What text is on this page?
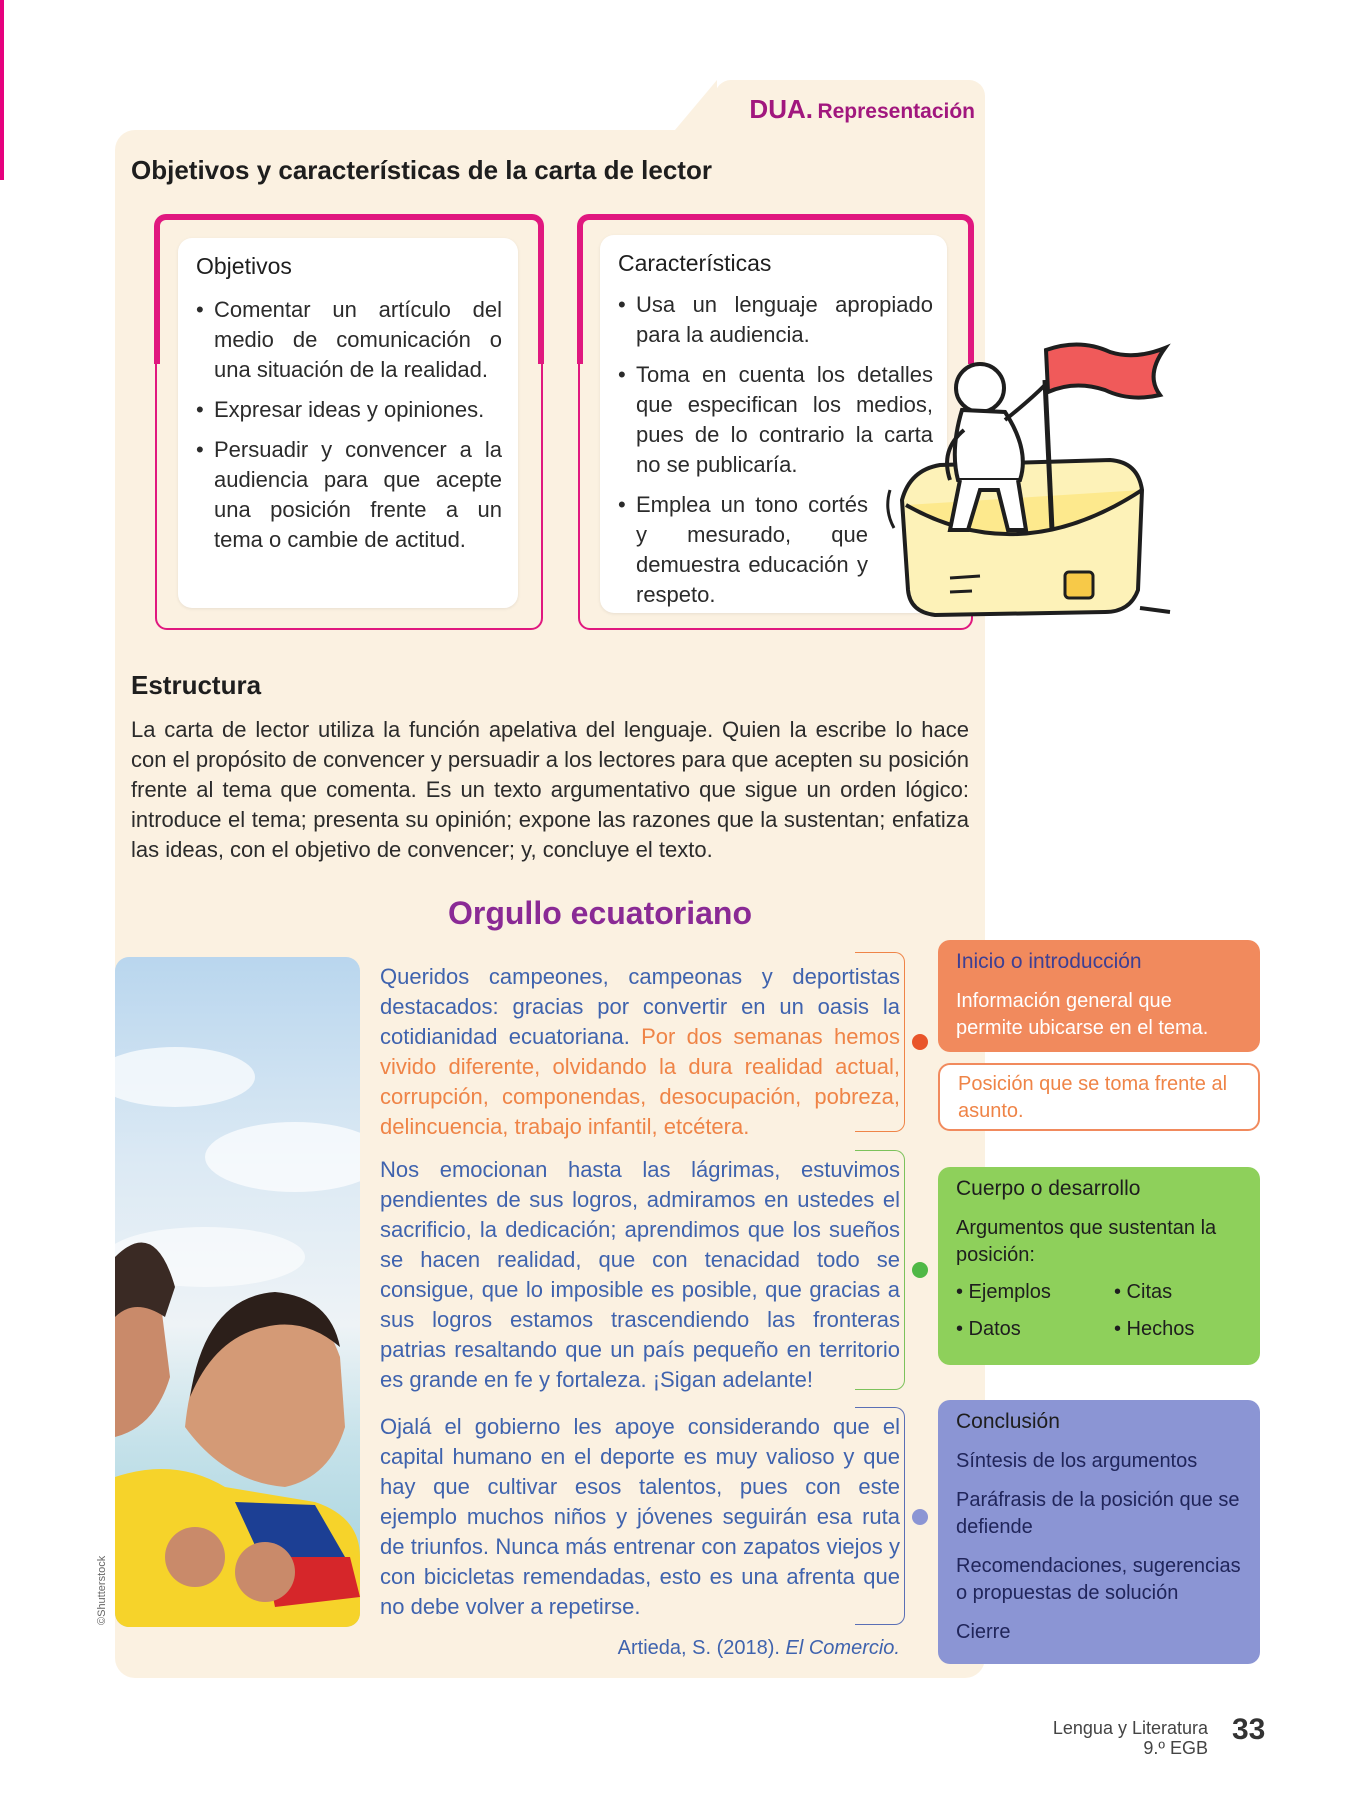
DUA. Representación
Objetivos y características de la carta de lector
Objetivos
• Comentar un artículo del medio de comunicación o una situación de la realidad.
• Expresar ideas y opiniones.
• Persuadir y convencer a la audiencia para que acepte una posición frente a un tema o cambie de actitud.
Características
• Usa un lenguaje apropiado para la audiencia.
• Toma en cuenta los detalles que especifican los medios, pues de lo contrario la carta no se publicaría.
• Emplea un tono cortés y mesurado, que demuestra educación y respeto.
Estructura
La carta de lector utiliza la función apelativa del lenguaje. Quien la escribe lo hace con el propósito de convencer y persuadir a los lectores para que acepten su posición frente al tema que comenta. Es un texto argumentativo que sigue un orden lógico: introduce el tema; presenta su opinión; expone las razones que la sustentan; enfatiza las ideas, con el objetivo de convencer; y, concluye el texto.
Orgullo ecuatoriano
©Shutterstock
Queridos campeones, campeonas y deportistas destacados: gracias por convertir en un oasis la cotidianidad ecuatoriana. Por dos semanas hemos vivido diferente, olvidando la dura realidad actual, corrupción, componendas, desocupación, pobreza, delincuencia, trabajo infantil, etcétera.
Nos emocionan hasta las lágrimas, estuvimos pendientes de sus logros, admiramos en ustedes el sacrificio, la dedicación; aprendimos que los sueños se hacen realidad, que con tenacidad todo se consigue, que lo imposible es posible, que gracias a sus logros estamos trascendiendo las fronteras patrias resaltando que un país pequeño en territorio es grande en fe y fortaleza. ¡Sigan adelante!
Ojalá el gobierno les apoye considerando que el capital humano en el deporte es muy valioso y que hay que cultivar esos talentos, pues con este ejemplo muchos niños y jóvenes seguirán esa ruta de triunfos. Nunca más entrenar con zapatos viejos y con bicicletas remendadas, esto es una afrenta que no debe volver a repetirse.
Artieda, S. (2018). El Comercio.
Inicio o introducción
Información general que permite ubicarse en el tema.
Posición que se toma frente al asunto.
Cuerpo o desarrollo
Argumentos que sustentan la posición:
• Ejemplos	• Citas
• Datos	• Hechos
Conclusión
Síntesis de los argumentos
Paráfrasis de la posición que se defiende
Recomendaciones, sugerencias o propuestas de solución
Cierre
Lengua y Literatura
9.º EGB
33
